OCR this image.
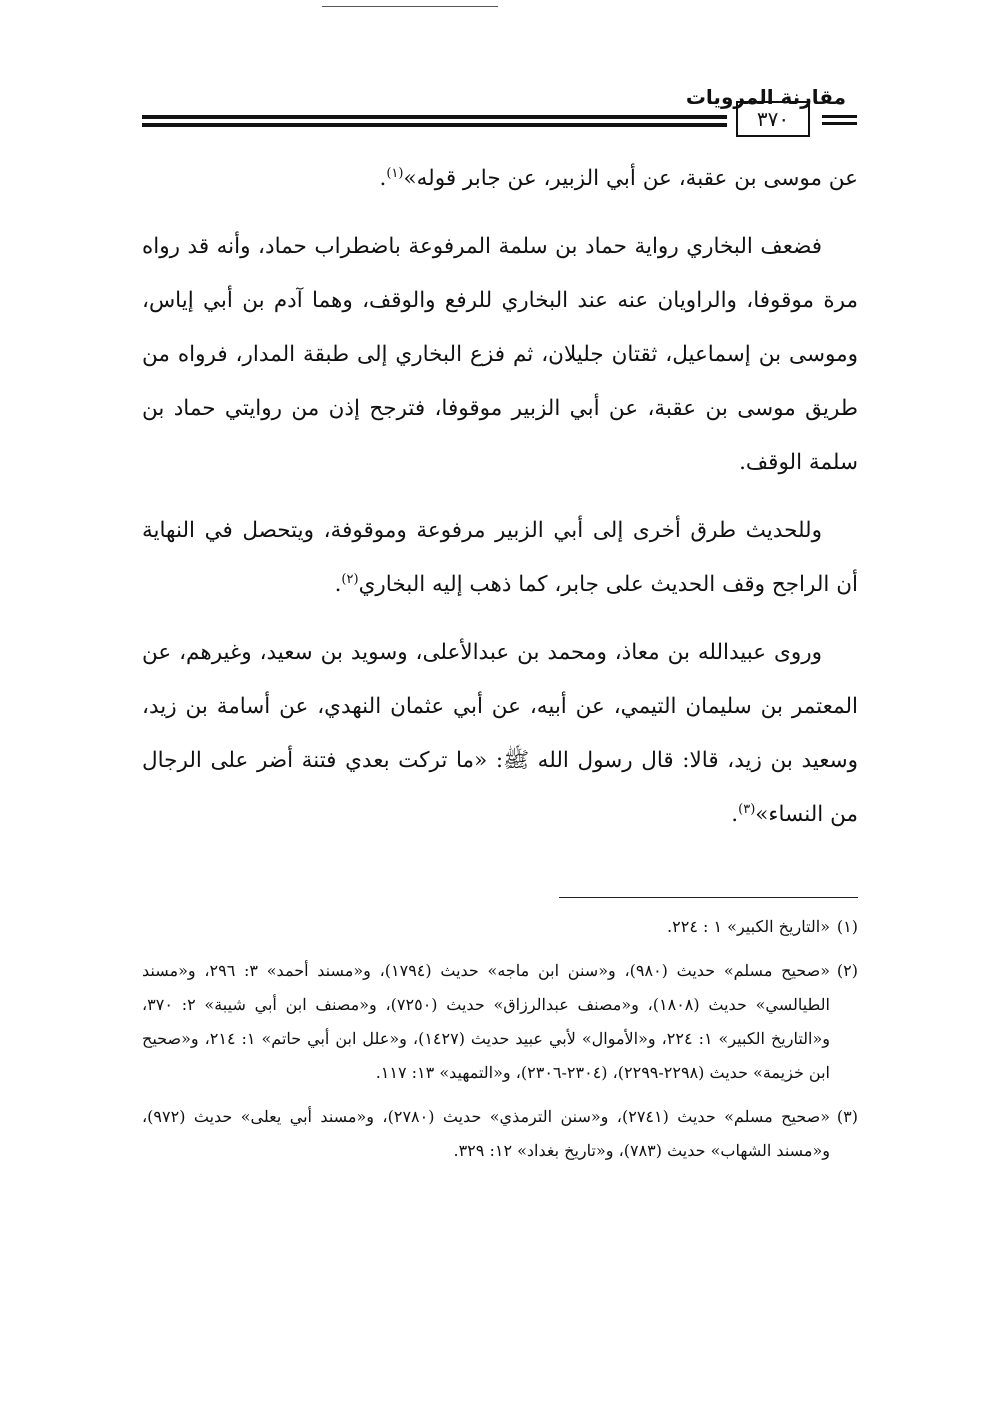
مقارنة المرويات
٣٧٠

عن موسى بن عقبة، عن أبي الزبير، عن جابر قوله»$^{(١)}$.

فضعف البخاري رواية حماد بن سلمة المرفوعة باضطراب حماد، وأنه قد رواه مرة موقوفا، والراويان عنه عند البخاري للرفع والوقف، وهما آدم بن أبي إياس، وموسى بن إسماعيل، ثقتان جليلان، ثم فزع البخاري إلى طبقة المدار، فرواه من طريق موسى بن عقبة، عن أبي الزبير موقوفا، فترجح إذن من روايتي حماد بن سلمة الوقف.

وللحديث طرق أخرى إلى أبي الزبير مرفوعة وموقوفة، ويتحصل في النهاية أن الراجح وقف الحديث على جابر، كما ذهب إليه البخاري$^{(٢)}$.

وروى عبيدالله بن معاذ، ومحمد بن عبدالأعلى، وسويد بن سعيد، وغيرهم، عن المعتمر بن سليمان التيمي، عن أبيه، عن أبي عثمان النهدي، عن أسامة بن زيد، وسعيد بن زيد، قالا: قال رسول الله ﷺ: «ما تركت بعدي فتنة أضر على الرجال من النساء»$^{(٣)}$.

(١)«التاريخ الكبير» ١ : ٢٢٤.

(٢)«صحيح مسلم» حديث (٩٨٠)، و«سنن ابن ماجه» حديث (١٧٩٤)، و«مسند أحمد» ٣: ٢٩٦، و«مسند الطيالسي» حديث (١٨٠٨)، و«مصنف عبدالرزاق» حديث (٧٢٥٠)، و«مصنف ابن أبي شيبة» ٢: ٣٧٠، و«التاريخ الكبير» ١: ٢٢٤، و«الأموال» لأبي عبيد حديث (١٤٢٧)، و«علل ابن أبي حاتم» ١: ٢١٤، و«صحيح ابن خزيمة» حديث (٢٢٩٨-٢٢٩٩)، (٢٣٠٤-٢٣٠٦)، و«التمهيد» ١٣: ١١٧.

(٣)«صحيح مسلم» حديث (٢٧٤١)، و«سنن الترمذي» حديث (٢٧٨٠)، و«مسند أبي يعلى» حديث (٩٧٢)، و«مسند الشهاب» حديث (٧٨٣)، و«تاريخ بغداد» ١٢: ٣٢٩.
